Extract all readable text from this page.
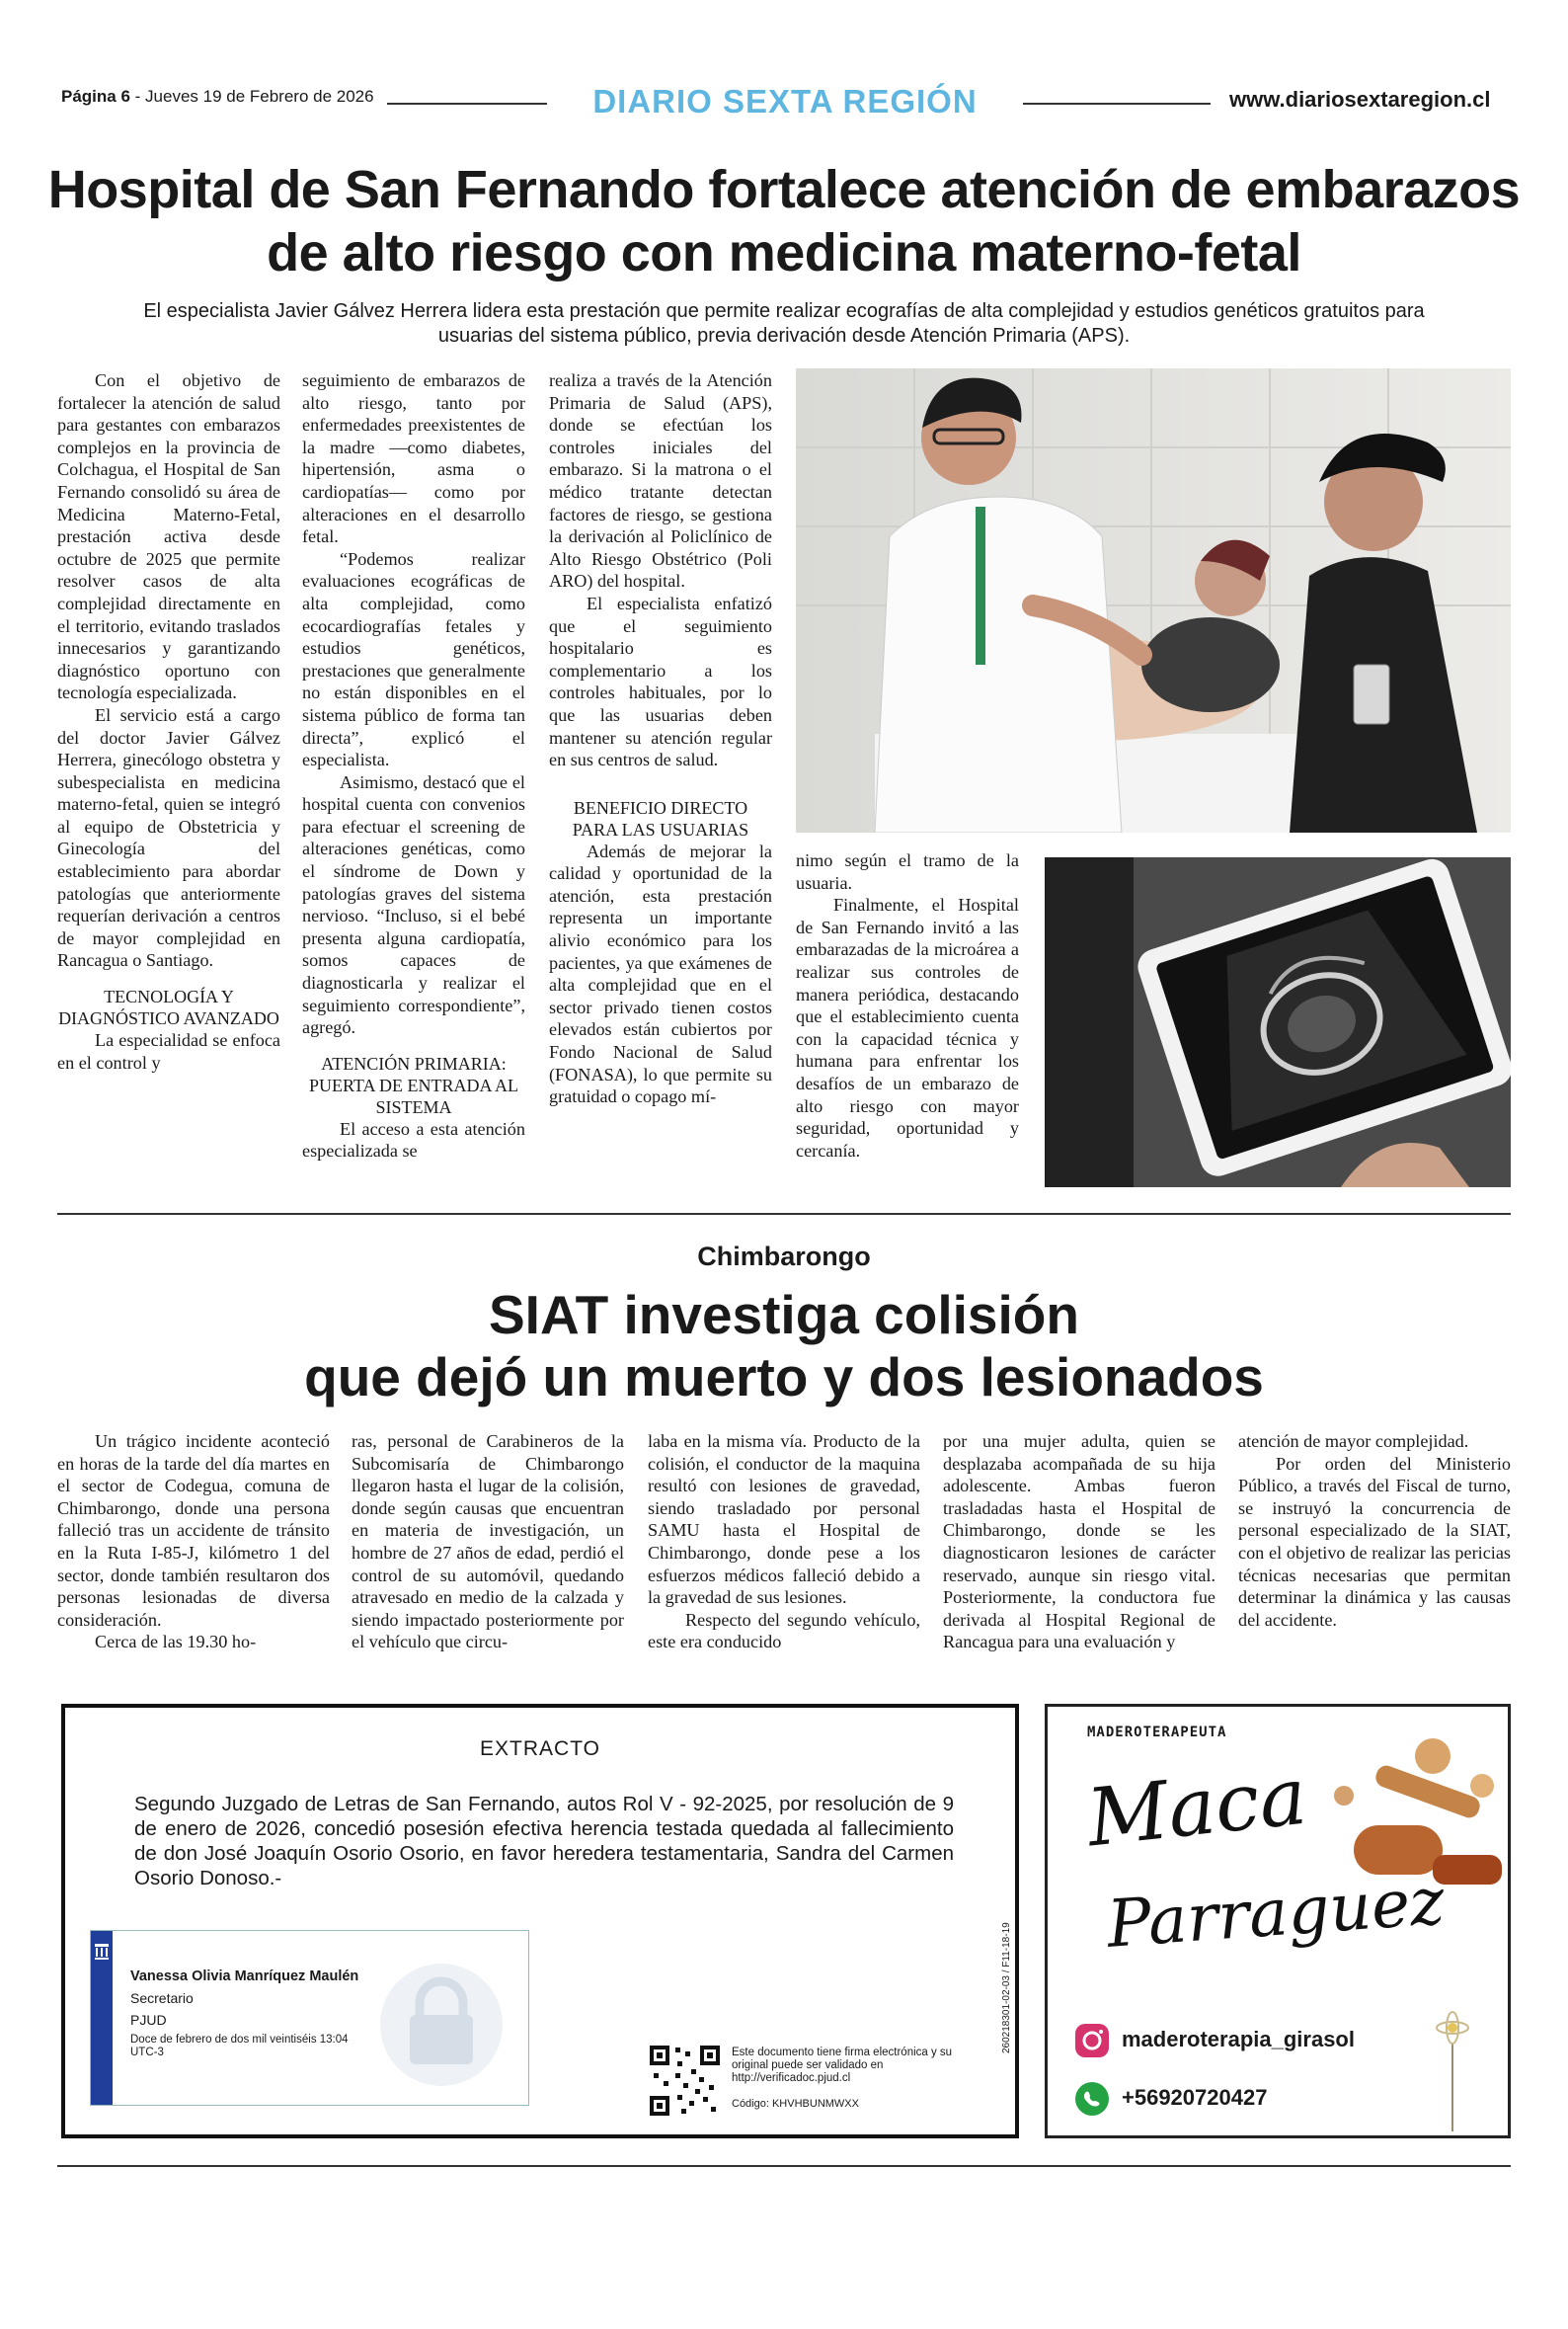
Página 6 - Jueves 19 de Febrero de 2026	DIARIO SEXTA REGIÓN	www.diariosextaregion.cl
Hospital de San Fernando fortalece atención de embarazos de alto riesgo con medicina materno-fetal
El especialista Javier Gálvez Herrera lidera esta prestación que permite realizar ecografías de alta complejidad y estudios genéticos gratuitos para usuarias del sistema público, previa derivación desde Atención Primaria (APS).

Con el objetivo de fortalecer la atención de salud para gestantes con embarazos complejos en la provincia de Colchagua, el Hospital de San Fernando consolidó su área de Medicina Materno-Fetal, prestación activa desde octubre de 2025 que permite resolver casos de alta complejidad directamente en el territorio, evitando traslados innecesarios y garantizando diagnóstico oportuno con tecnología especializada.

El servicio está a cargo del doctor Javier Gálvez Herrera, ginecólogo obstetra y subespecialista en medicina materno-fetal, quien se integró al equipo de Obstetricia y Ginecología del establecimiento para abordar patologías que anteriormente requerían derivación a centros de mayor complejidad en Rancagua o Santiago.

TECNOLOGÍA Y DIAGNÓSTICO AVANZADO

La especialidad se enfoca en el control y

seguimiento de embarazos de alto riesgo, tanto por enfermedades preexistentes de la madre —como diabetes, hipertensión, asma o cardiopatías— como por alteraciones en el desarrollo fetal.

“Podemos realizar evaluaciones ecográficas de alta complejidad, como ecocardiografías fetales y estudios genéticos, prestaciones que generalmente no están disponibles en el sistema público de forma tan directa”, explicó el especialista.

Asimismo, destacó que el hospital cuenta con convenios para efectuar el screening de alteraciones genéticas, como el síndrome de Down y patologías graves del sistema nervioso. “Incluso, si el bebé presenta alguna cardiopatía, somos capaces de diagnosticarla y realizar el seguimiento correspondiente”, agregó.

ATENCIÓN PRIMARIA: PUERTA DE ENTRADA AL SISTEMA

El acceso a esta atención especializada se

realiza a través de la Atención Primaria de Salud (APS), donde se efectúan los controles iniciales del embarazo. Si la matrona o el médico tratante detectan factores de riesgo, se gestiona la derivación al Policlínico de Alto Riesgo Obstétrico (Poli ARO) del hospital.

El especialista enfatizó que el seguimiento hospitalario es complementario a los controles habituales, por lo que las usuarias deben mantener su atención regular en sus centros de salud.

BENEFICIO DIRECTO PARA LAS USUARIAS

Además de mejorar la calidad y oportunidad de la atención, esta prestación representa un importante alivio económico para los pacientes, ya que exámenes de alta complejidad que en el sector privado tienen costos elevados están cubiertos por Fondo Nacional de Salud (FONASA), lo que permite su gratuidad o copago mí-

nimo según el tramo de la usuaria.

Finalmente, el Hospital de San Fernando invitó a las embarazadas de la microárea a realizar sus controles de manera periódica, destacando que el establecimiento cuenta con la capacidad técnica y humana para enfrentar los desafíos de un embarazo de alto riesgo con mayor seguridad, oportunidad y cercanía.

Chimbarongo
SIAT investiga colisión
que dejó un muerto y dos lesionados

Un trágico incidente aconteció en horas de la tarde del día martes en el sector de Codegua, comuna de Chimbarongo, donde una persona falleció tras un accidente de tránsito en la Ruta I-85-J, kilómetro 1 del sector, donde también resultaron dos personas lesionadas de diversa consideración.

Cerca de las 19.30 ho-

ras, personal de Carabineros de la Subcomisaría de Chimbarongo llegaron hasta el lugar de la colisión, donde según causas que encuentran en materia de investigación, un hombre de 27 años de edad, perdió el control de su automóvil, quedando atravesado en medio de la calzada y siendo impactado posteriormente por el vehículo que circu-

laba en la misma vía. Producto de la colisión, el conductor de la maquina resultó con lesiones de gravedad, siendo trasladado por personal SAMU hasta el Hospital de Chimbarongo, donde pese a los esfuerzos médicos falleció debido a la gravedad de sus lesiones.

Respecto del segundo vehículo, este era conducido

por una mujer adulta, quien se desplazaba acompañada de su hija adolescente. Ambas fueron trasladadas hasta el Hospital de Chimbarongo, donde se les diagnosticaron lesiones de carácter reservado, aunque sin riesgo vital. Posteriormente, la conductora fue derivada al Hospital Regional de Rancagua para una evaluación y

atención de mayor complejidad.

Por orden del Ministerio Público, a través del Fiscal de turno, se instruyó la concurrencia de personal especializado de la SIAT, con el objetivo de realizar las pericias técnicas necesarias que permitan determinar la dinámica y las causas del accidente.

EXTRACTO
Segundo Juzgado de Letras de San Fernando, autos Rol V - 92-2025, por resolución de 9 de enero de 2026, concedió posesión efectiva herencia testada quedada al fallecimiento de don José Joaquín Osorio Osorio, en favor heredera testamentaria, Sandra del Carmen Osorio Donoso.-
Vanessa Olivia Manríquez Maulén
Secretario
PJUD
Doce de febrero de dos mil veintiséis 13:04 UTC-3	Este documento tiene firma electrónica y su original puede ser validado en http://verificadoc.pjud.cl
Código: KHVHBUNMWXX
260218301-02-03 / F11-18-19
MADEROTERAPEUTA
Maca
Parraguez
maderoterapia_girasol
+56920720427
